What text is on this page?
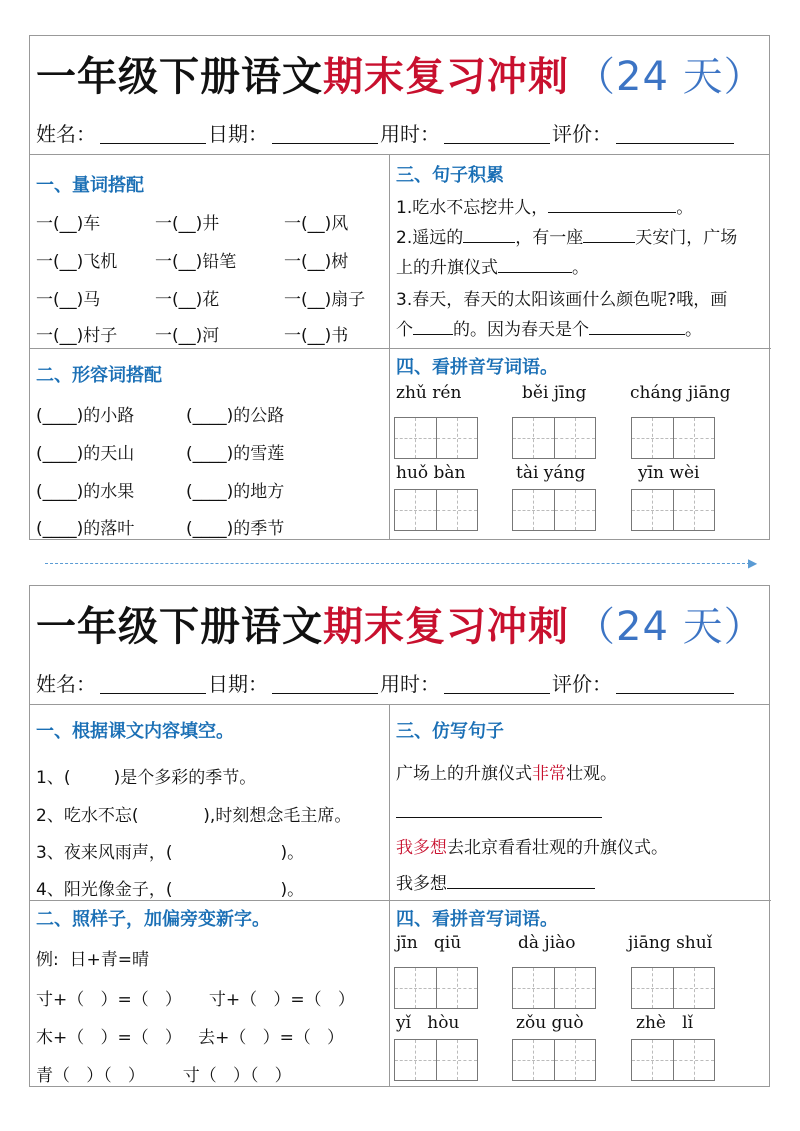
一年级下册语文 期末复习冲刺 （24 天）
姓名：	日期：	用时：	评价：
一、量词搭配
一(__)车	一(__)井	一(__)风
一(__)飞机 一(__)铅笔	一(__)树
一(__)马	一(__)花	一(__)扇子
一(__)村子 一(__)河	一(__)书
三、句子积累
1.吃水不忘挖井人，	。
2.遥远的	，有一座	天安门，广场
上的升旗仪式	。
3.春天，春天的太阳该画什么颜色呢?哦，画
个 的。因为春天是个	。
二、形容词搭配
(____)的小路	(____)的公路
(____)的天山	(____)的雪莲
(____)的水果	(____)的地方
(____)的落叶	(____)的季节
四、看拼音写词语。
zhǔ rén	běi jīng	cháng jiāng
huǒ bàn	tài yáng	yīn wèi
▶
一年级下册语文 期末复习冲刺 （24 天）
姓名：	日期：	用时：	评价：
一、根据课文内容填空。
1、(        )是个多彩的季节。
2、吃水不忘(            ),时刻想念毛主席。
3、夜来风雨声，(                    )。
4、阳光像金子，(                    )。
三、仿写句子
广场上的升旗仪式非常壮观。
我多想去北京看看壮观的升旗仪式。
我多想
二、照样子，加偏旁变新字。
例:  日+青=晴
寸+（   ）=（   ）     寸+（   ）=（   ）
木+（   ）=（   ）   去+（   ）=（   ）
青（   ）（   ）       寸（   ）（   ）
四、看拼音写词语。
jīn   qiū	dà jiào	jiāng shuǐ
yǐ   hòu	zǒu guò	zhè   lǐ
